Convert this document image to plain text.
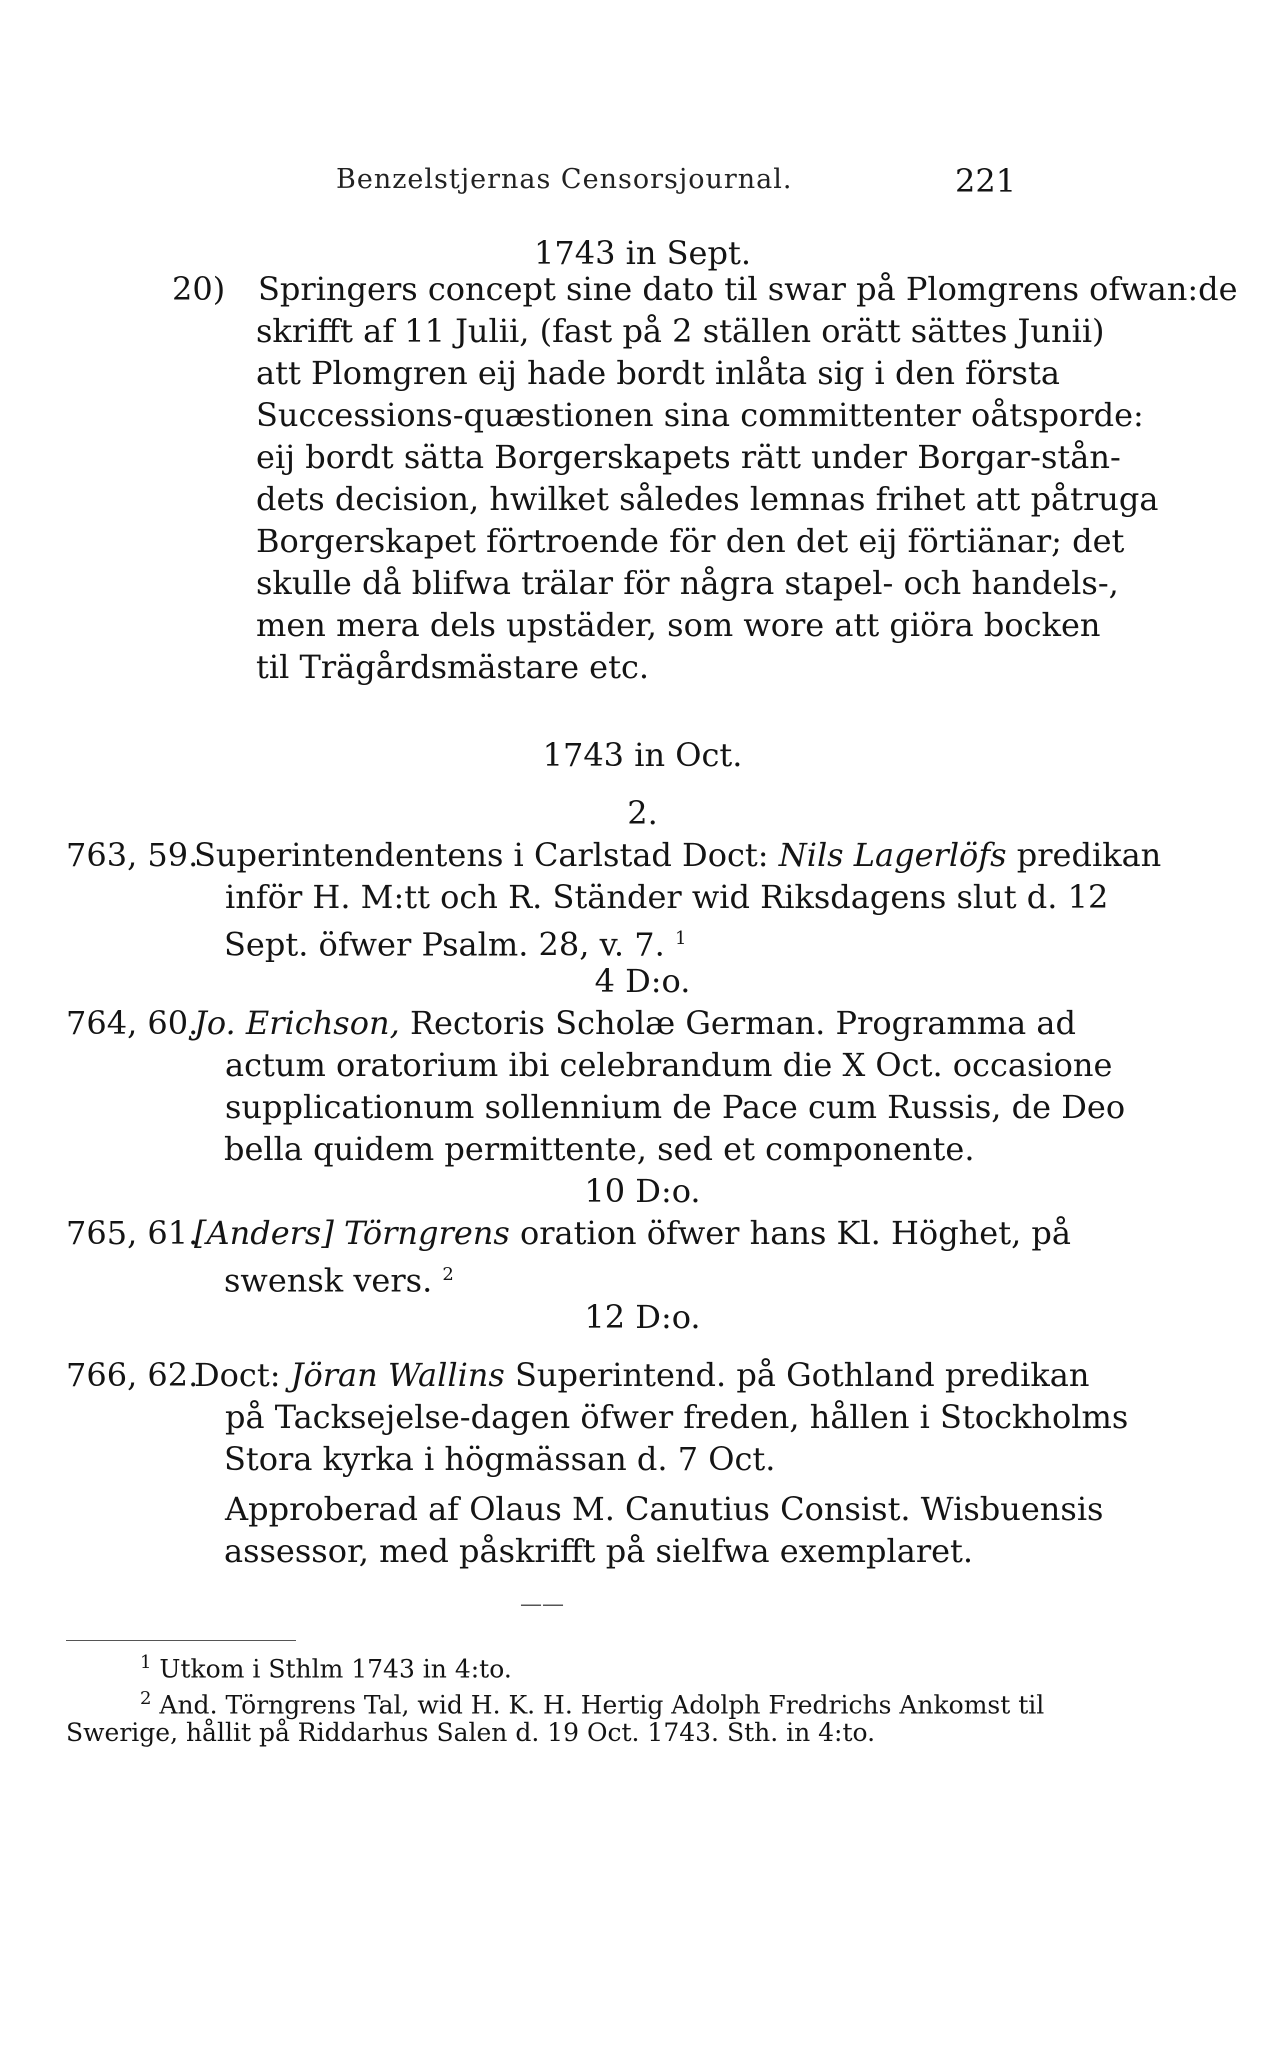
Benzelstjernas Censorsjournal.	221
1743 in Sept.
20) Springers concept sine dato til swar på Plomgrens ofwan:de
skrifft af 11 Julii, (fast på 2 ställen orätt sättes Junii)
att Plomgren eij hade bordt inlåta sig i den första
Successions-quæstionen sina committenter oåtsporde:
eij bordt sätta Borgerskapets rätt under Borgar-stån-
dets decision, hwilket således lemnas frihet att påtruga
Borgerskapet förtroende för den det eij förtiänar; det
skulle då blifwa trälar för några stapel- och handels-,
men mera dels upstäder, som wore att giöra bocken
til Trägårdsmästare etc.
1743 in Oct.
2.
763, 59.
Superintendentens i Carlstad Doct: Nils Lagerlöfs predikan
inför H. M:tt och R. Ständer wid Riksdagens slut d. 12
Sept. öfwer Psalm. 28, v. 7. $^1$
4 D:o.
764, 60.
Jo. Erichson, Rectoris Scholæ German. Programma ad
actum oratorium ibi celebrandum die X Oct. occasione
supplicationum sollennium de Pace cum Russis, de Deo
bella quidem permittente, sed et componente.
10 D:o.
765, 61.
[Anders] Törngrens oration öfwer hans Kl. Höghet, på
swensk vers. $^2$
12 D:o.
766, 62.
Doct: Jöran Wallins Superintend. på Gothland predikan
på Tacksejelse-dagen öfwer freden, hållen i Stockholms
Stora kyrka i högmässan d. 7 Oct.
Approberad af Olaus M. Canutius Consist. Wisbuensis
assessor, med påskrifft på sielfwa exemplaret.
——
$^1$ Utkom i Sthlm 1743 in 4:to.
$^2$ And. Törngrens Tal, wid H. K. H. Hertig Adolph Fredrichs Ankomst til
Swerige, hållit på Riddarhus Salen d. 19 Oct. 1743. Sth. in 4:to.
